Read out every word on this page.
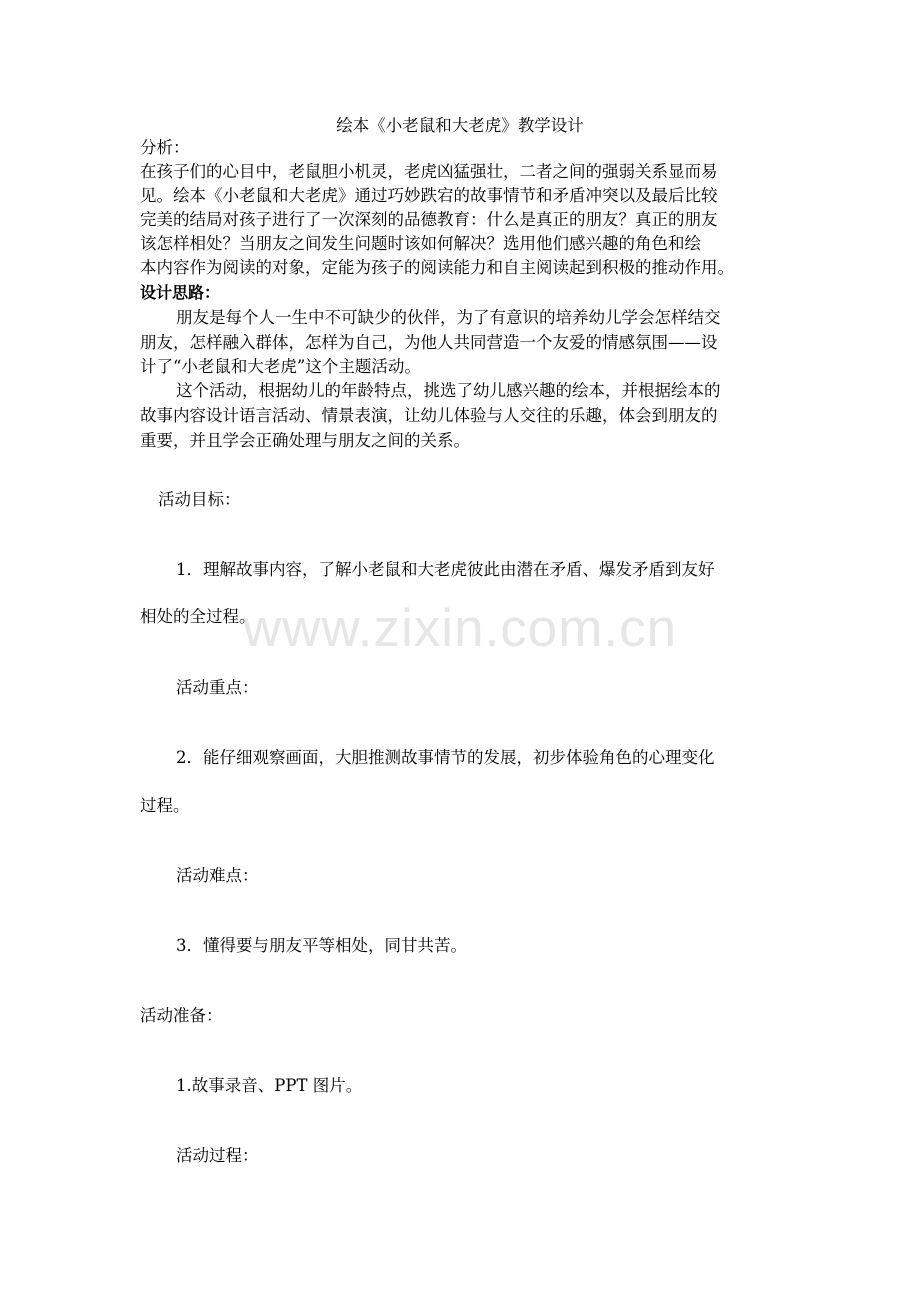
www.zixin.com.cn
绘本《小老鼠和大老虎》教学设计
分析：
在孩子们的心目中，老鼠胆小机灵，老虎凶猛强壮，二者之间的强弱关系显而易
见。绘本《小老鼠和大老虎》通过巧妙跌宕的故事情节和矛盾冲突以及最后比较
完美的结局对孩子进行了一次深刻的品德教育：什么是真正的朋友？真正的朋友
该怎样相处？当朋友之间发生问题时该如何解决？选用他们感兴趣的角色和绘
本内容作为阅读的对象，定能为孩子的阅读能力和自主阅读起到积极的推动作用。
设计思路：
朋友是每个人一生中不可缺少的伙伴，为了有意识的培养幼儿学会怎样结交
朋友，怎样融入群体，怎样为自己，为他人共同营造一个友爱的情感氛围——设
计了“小老鼠和大老虎”这个主题活动。
这个活动，根据幼儿的年龄特点，挑选了幼儿感兴趣的绘本，并根据绘本的
故事内容设计语言活动、情景表演，让幼儿体验与人交往的乐趣，体会到朋友的
重要，并且学会正确处理与朋友之间的关系。
活动目标：
1．理解故事内容，了解小老鼠和大老虎彼此由潜在矛盾、爆发矛盾到友好
相处的全过程。
活动重点：
2．能仔细观察画面，大胆推测故事情节的发展，初步体验角色的心理变化
过程。
活动难点：
3．懂得要与朋友平等相处，同甘共苦。
活动准备：
1.故事录音、PPT 图片。
活动过程：
